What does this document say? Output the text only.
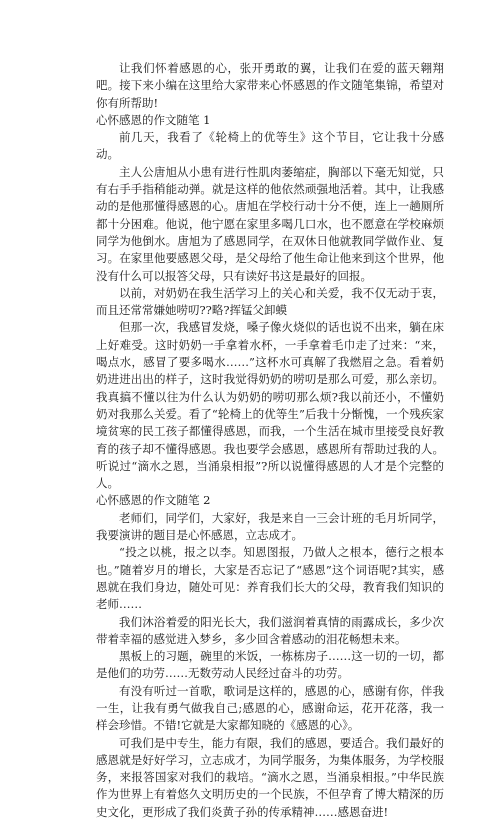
让我们怀着感恩的心，张开勇敢的翼，让我们在爱的蓝天翱翔吧。接下来小编在这里给大家带来心怀感恩的作文随笔集锦，希望对你有所帮助!

心怀感恩的作文随笔 1

前几天，我看了《轮椅上的优等生》这个节目，它让我十分感动。

主人公唐旭从小患有进行性肌肉萎缩症，胸部以下毫无知觉，只有右手手指稍能动弹。就是这样的他依然顽强地活着。其中，让我感动的是他那懂得感恩的心。唐旭在学校行动十分不便，连上一趟厕所都十分困难。他说，他宁愿在家里多喝几口水，也不愿意在学校麻烦同学为他倒水。唐旭为了感恩同学，在双休日他就教同学做作业、复习。在家里他要感恩父母，是父母给了他生命让他来到这个世界，他没有什么可以报答父母，只有读好书这是最好的回报。

以前，对奶奶在我生活学习上的关心和关爱，我不仅无动于衷，而且还常常嫌她唠叨??略?挥锰父卸蟆

但那一次，我感冒发烧，嗓子像火烧似的话也说不出来，躺在床上好难受。这时奶奶一手拿着水杯，一手拿着毛巾走了过来：“来，喝点水，感冒了要多喝水……”这杯水可真解了我燃眉之急。看着奶奶进进出出的样子，这时我觉得奶奶的唠叨是那么可爱，那么亲切。我真搞不懂以往为什么认为奶奶的唠叨那么烦?我以前还小，不懂奶奶对我那么关爱。看了“轮椅上的优等生”后我十分惭愧，一个残疾家境贫寒的民工孩子都懂得感恩，而我，一个生活在城市里接受良好教育的孩子却不懂得感恩。我也要学会感恩，感恩所有帮助过我的人。听说过“滴水之恩，当涌泉相报”?所以说懂得感恩的人才是个完整的人。

心怀感恩的作文随笔 2

老师们，同学们，大家好，我是来自一三会计班的毛月圻同学，我要演讲的题目是心怀感恩，立志成才。

“投之以桃，报之以李。知恩图报，乃做人之根本，德行之根本也。”随着岁月的增长，大家是否忘记了“感恩”这个词语呢?其实，感恩就在我们身边，随处可见：养育我们长大的父母，教育我们知识的老师……

我们沐浴着爱的阳光长大，我们滋润着真情的雨露成长，多少次带着幸福的感觉进入梦乡，多少回含着感动的泪花畅想未来。

黑板上的习题，碗里的米饭，一栋栋房子……这一切的一切，都是他们的功劳……无数劳动人民经过奋斗的功劳。

有没有听过一首歌，歌词是这样的，感恩的心，感谢有你，伴我一生，让我有勇气做我自己;感恩的心，感谢命运，花开花落，我一样会珍惜。不错!它就是大家都知晓的《感恩的心》。

可我们是中专生，能力有限，我们的感恩，要适合。我们最好的感恩就是好好学习，立志成才，为同学服务，为集体服务，为学校服务，来报答国家对我们的栽培。“滴水之恩，当涌泉相报。”中华民族作为世界上有着悠久文明历史的一个民族，不但孕育了博大精深的历史文化，更形成了我们炎黄子孙的传承精神……感恩奋进!
